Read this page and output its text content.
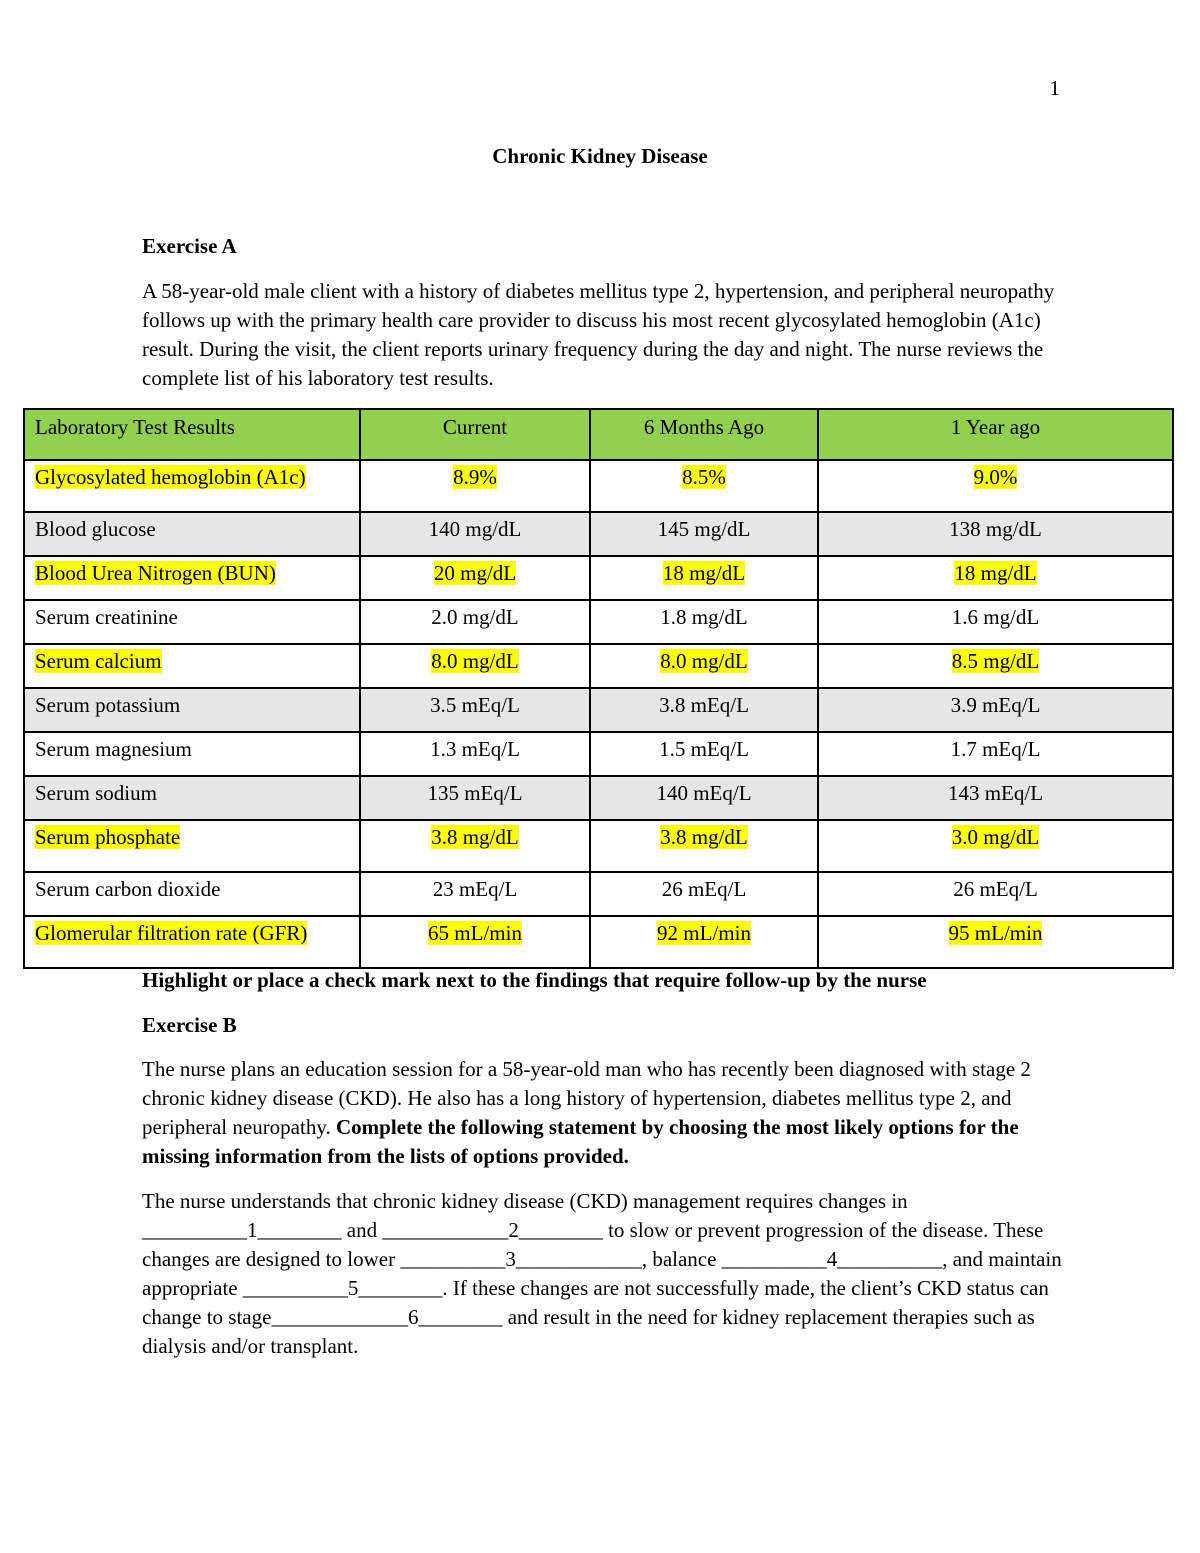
1
Chronic Kidney Disease
Exercise A

A 58-year-old male client with a history of diabetes mellitus type 2, hypertension, and peripheral neuropathy follows up with the primary health care provider to discuss his most recent glycosylated hemoglobin (A1c) result. During the visit, the client reports urinary frequency during the day and night. The nurse reviews the complete list of his laboratory test results.

Laboratory Test Results	Current	6 Months Ago	1 Year ago
Glycosylated hemoglobin (A1c)	8.9%	8.5%	9.0%
Blood glucose	140 mg/dL	145 mg/dL	138 mg/dL
Blood Urea Nitrogen (BUN)	20 mg/dL	18 mg/dL	18 mg/dL
Serum creatinine	2.0 mg/dL	1.8 mg/dL	1.6 mg/dL
Serum calcium	8.0 mg/dL	8.0 mg/dL	8.5 mg/dL
Serum potassium	3.5 mEq/L	3.8 mEq/L	3.9 mEq/L
Serum magnesium	1.3 mEq/L	1.5 mEq/L	1.7 mEq/L
Serum sodium	135 mEq/L	140 mEq/L	143 mEq/L
Serum phosphate	3.8 mg/dL	3.8 mg/dL	3.0 mg/dL
Serum carbon dioxide	23 mEq/L	26 mEq/L	26 mEq/L
Glomerular filtration rate (GFR)	65 mL/min	92 mL/min	95 mL/min
Highlight or place a check mark next to the findings that require follow-up by the nurse
Exercise B

The nurse plans an education session for a 58-year-old man who has recently been diagnosed with stage 2 chronic kidney disease (CKD). He also has a long history of hypertension, diabetes mellitus type 2, and peripheral neuropathy. Complete the following statement by choosing the most likely options for the missing information from the lists of options provided.

The nurse understands that chronic kidney disease (CKD) management requires changes in
__________1________ and ____________2________ to slow or prevent progression of the disease. These changes are designed to lower __________3____________, balance __________4__________, and maintain appropriate __________5________. If these changes are not successfully made, the client’s CKD status can change to stage_____________6________ and result in the need for kidney replacement therapies such as dialysis and/or transplant.
